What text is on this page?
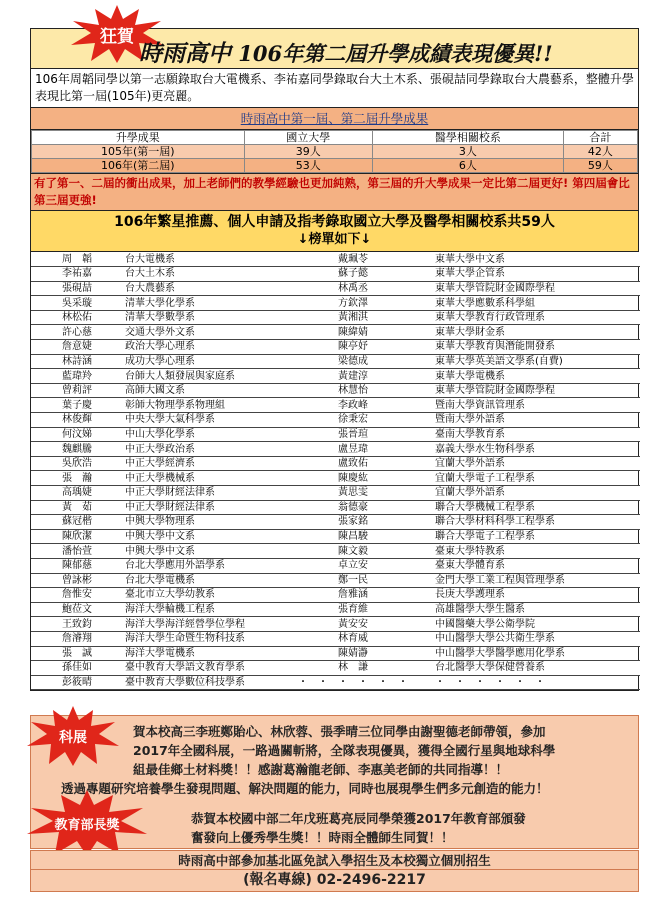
狂賀
時雨高中 106年第二屆升學成績表現優異!!
106年周韜同學以第一志願錄取台大電機系、李祐嘉同學錄取台大土木系、張硯喆同學錄取台大農藝系，整體升學表現比第一屆(105年)更亮麗。
時雨高中第一屆、第二屆升學成果
升學成果	國立大學	醫學相關校系	合計
105年(第一屆)	39人	3人	42人
106年(第二屆)	53人	6人	59人
有了第一、二屆的衝出成果，加上老師們的教學經驗也更加純熟，第三屆的升大學成果一定比第二屆更好! 第四屆會比第三屆更強!
106年繁星推薦、個人申請及指考錄取國立大學及醫學相關校系共59人
↓榜單如下↓
周　韜	台大電機系	戴珮苓	東華大學中文系
李祐嘉	台大土木系	蘇子懿	東華大學企管系
張硯喆	台大農藝系	林禹丞	東華大學管院財金國際學程
吳采璇	清華大學化學系	方欽澤	東華大學應數系科學組
林松佑	清華大學數學系	黃湘淇	東華大學教育行政管理系
許心慈	交通大學外文系	陳緯婧	東華大學財金系
詹意婕	政治大學心理系	陳亭妤	東華大學教育與潛能開發系
林詩涵	成功大學心理系	梁德成	東華大學英美語文學系(自費)
藍瑋羚	台師大人類發展與家庭系	黃建淳	東華大學電機系
曾莉評	高師大國文系	林慧怡	東華大學管院財金國際學程
葉子慶	彰師大物理學系物理組	李政峰	暨南大學資訊管理系
林俊輝	中央大學大氣科學系	徐秉宏	暨南大學外語系
何汶娣	中山大學化學系	張晉瑄	臺南大學教育系
魏麒騰	中正大學政治系	盧昱瑋	嘉義大學水生物科學系
吳欣浩	中正大學經濟系	盧致佑	宜蘭大學外語系
張　瀚	中正大學機械系	陳慶紘	宜蘭大學電子工程學系
高瑀婕	中正大學財經法律系	黃思雯	宜蘭大學外語系
黃　茹	中正大學財經法律系	翁德豪	聯合大學機械工程學系
蘇冠楷	中興大學物理系	張家銘	聯合大學材料科學工程學系
陳欣潔	中興大學中文系	陳昌駿	聯合大學電子工程學系
潘怡萱	中興大學中文系	陳文毅	臺東大學特教系
陳郁慈	台北大學應用外語學系	卓立安	臺東大學體育系
曾詠彬	台北大學電機系	鄭一民	金門大學工業工程與管理學系
詹惟安	臺北市立大學幼教系	詹雅涵	長庚大學護理系
鮑莅文	海洋大學輪機工程系	張育維	高雄醫學大學生醫系
王致鈞	海洋大學海洋經營學位學程	黃安安	中國醫藥大學公衛學院
詹濬翔	海洋大學生命暨生物科技系	林育威	中山醫學大學公共衛生學系
張　誠	海洋大學電機系	陳婧瀞	中山醫學大學醫學應用化學系
孫佳如	臺中教育大學語文教育學系	林　謙	台北醫學大學保健營養系
彭筱晴	臺中教育大學數位科技學系	・　・　・　・　・　・	・　・　・　・　・　・
科展	賀本校高三李班鄭貽心、林欣蓉、張季晴三位同學由謝聖德老師帶領，參加
2017年全國科展，一路過關斬將，全隊表現優異，獲得全國行星與地球科學
組最佳鄉土材料獎！！感謝葛瀚龍老師、李惠美老師的共同指導！！
透過專題研究培養學生發現問題、解決問題的能力，同時也展現學生們多元創造的能力！
教育部長獎	恭賀本校國中部二年戊班葛亮辰同學榮獲2017年教育部頒發
奮發向上優秀學生獎！！時雨全體師生同賀！！
時雨高中部參加基北區免試入學招生及本校獨立個別招生
(報名專線) 02-2496-2217
